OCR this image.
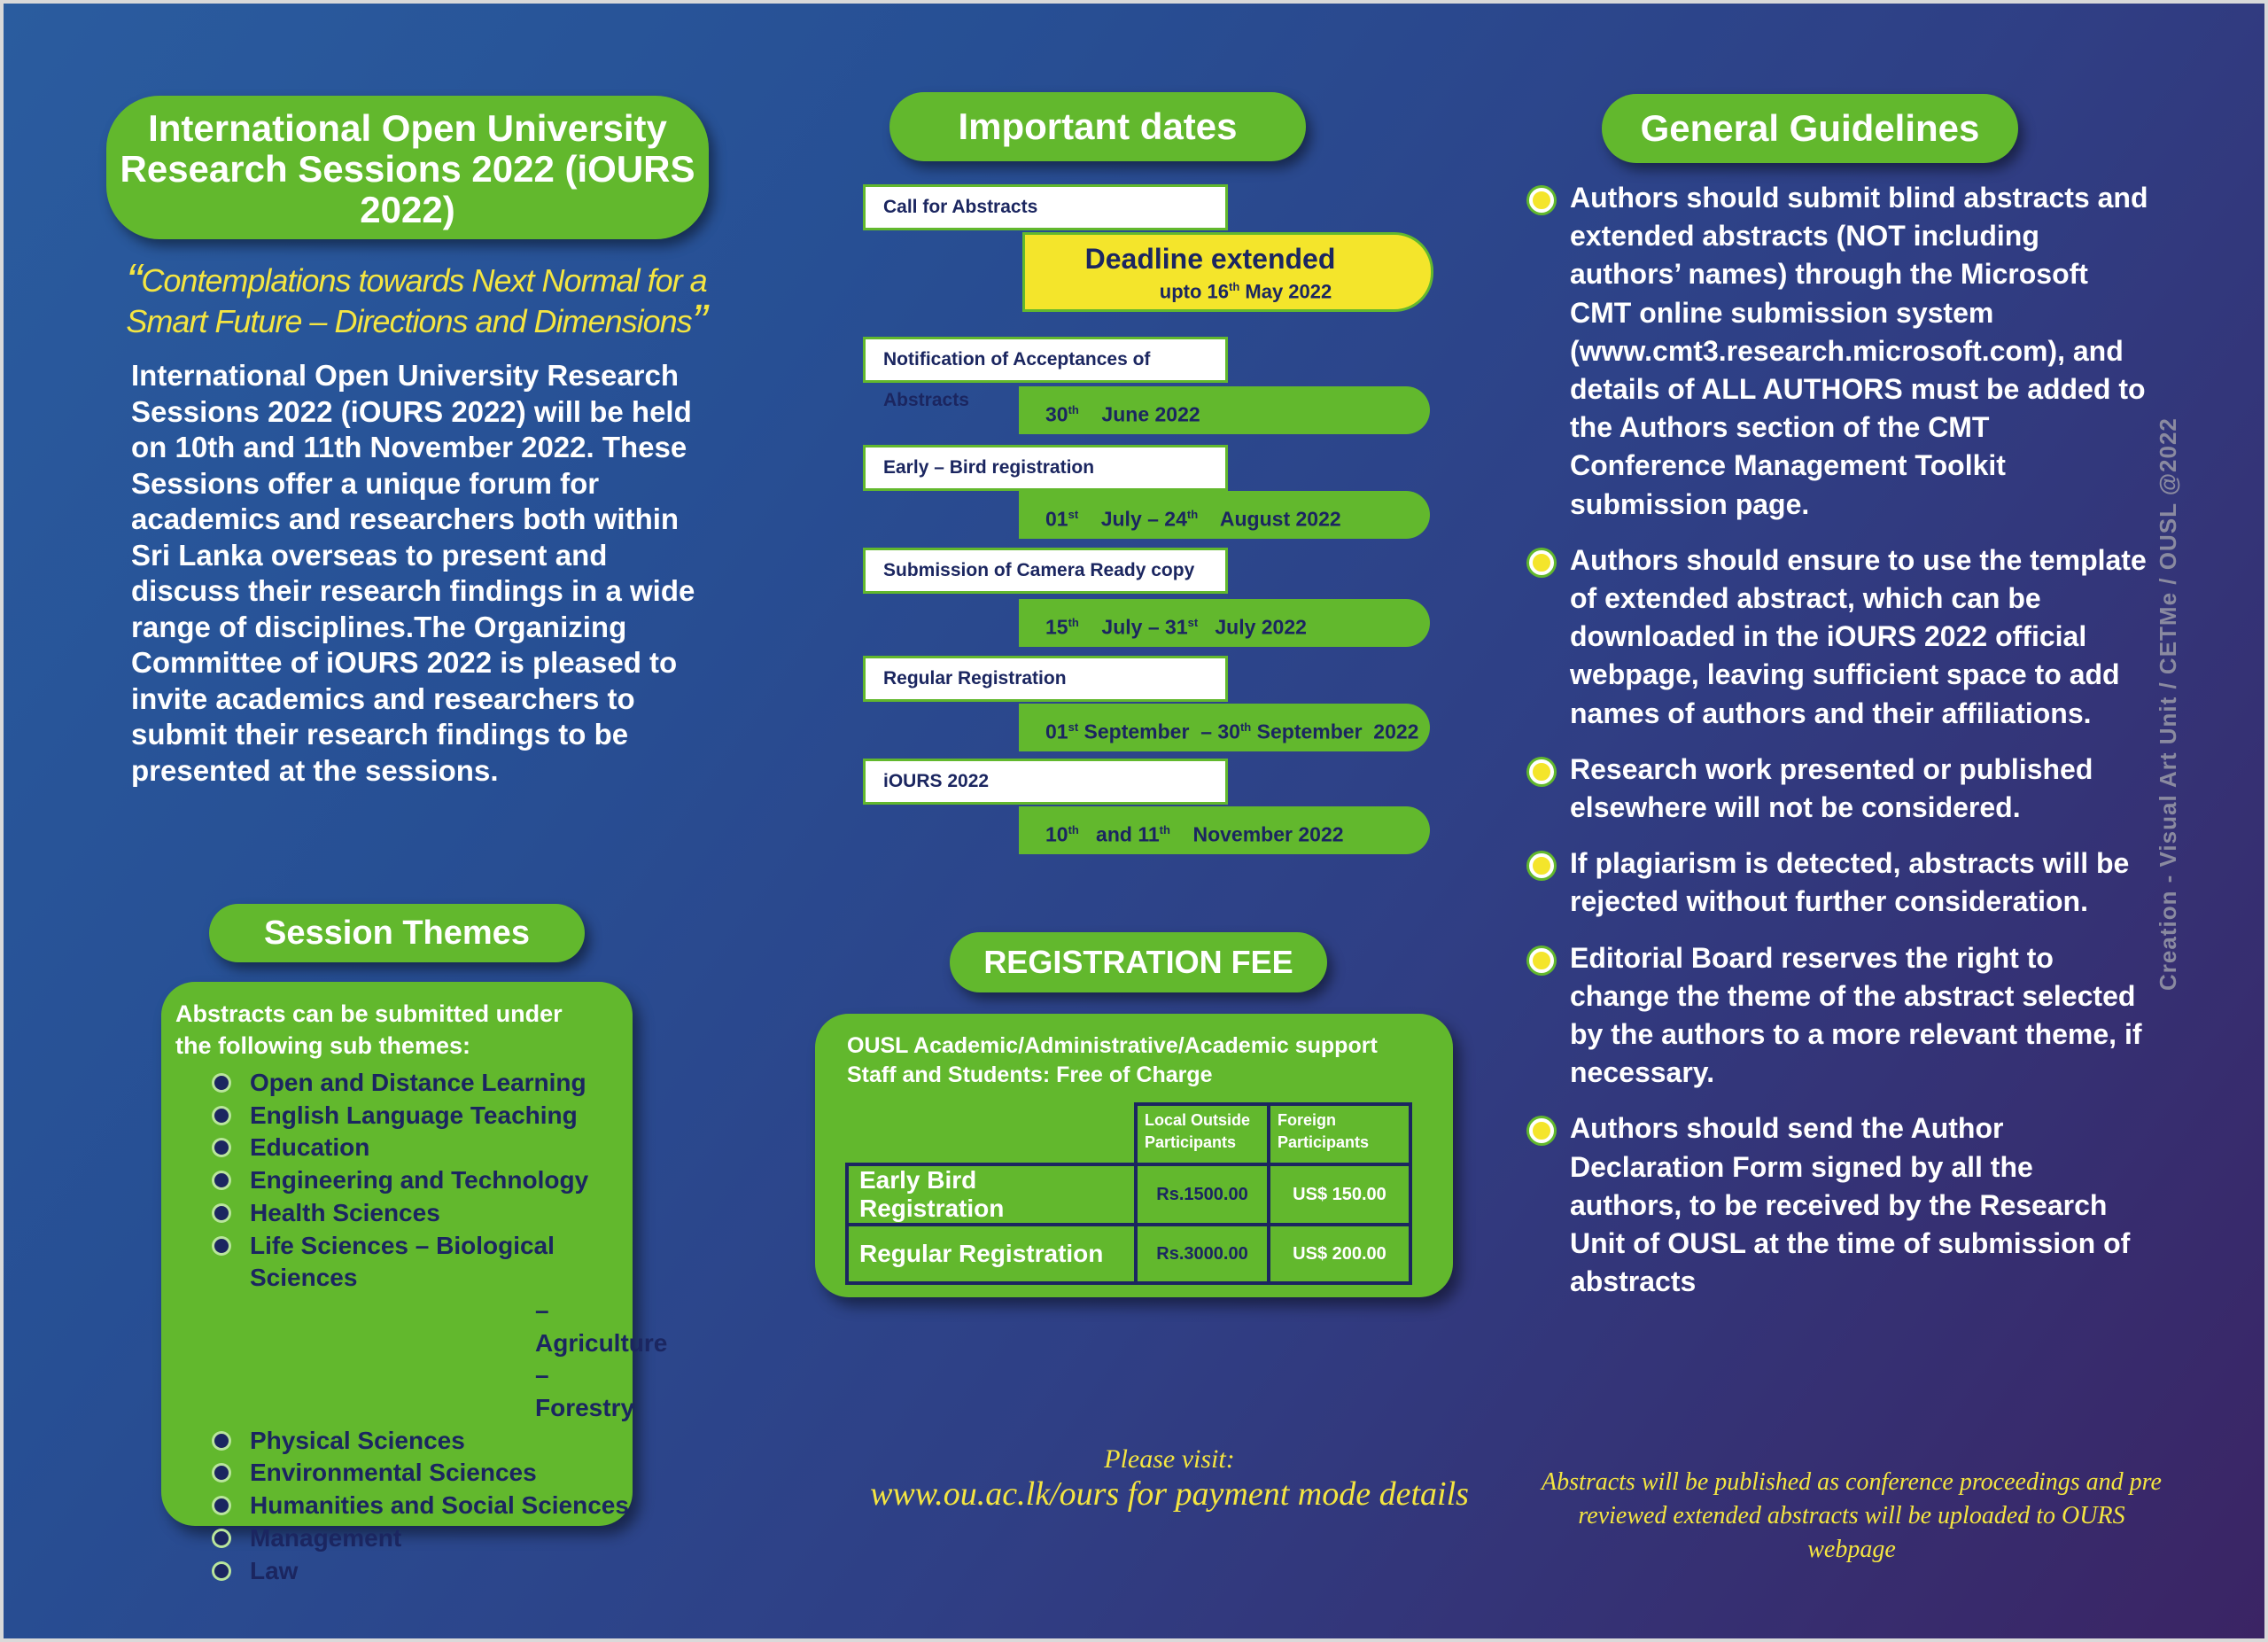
International Open University Research Sessions 2022 (iOURS 2022)
“Contemplations towards Next Normal for a Smart Future – Directions and Dimensions”
International Open University Research Sessions 2022 (iOURS 2022) will be held on 10th and 11th November 2022. These Sessions offer a unique forum for academics and researchers both within Sri Lanka overseas to present and discuss their research findings in a wide range of disciplines.The Organizing Committee of iOURS 2022 is pleased to invite academics and researchers to submit their research findings to be presented at the sessions.
Session Themes
Abstracts can be submitted under the following sub themes:
Open and Distance Learning
English Language Teaching
Education
Engineering and Technology
Health Sciences
Life Sciences – Biological Sciences
– Agriculture
– Forestry
Physical Sciences
Environmental Sciences
Humanities and Social Sciences
Management
Law
Important dates
Call for Abstracts
Deadline extended
upto 16th May 2022
Notification of Acceptances of Abstracts
30th    June 2022
Early – Bird registration
01st    July – 24th    August 2022
Submission of Camera Ready copy
15th    July – 31st   July 2022
Regular Registration
01st September  – 30th September  2022
iOURS 2022
10th   and 11th    November 2022
REGISTRATION FEE
OUSL Academic/Administrative/Academic support Staff and Students: Free of Charge
	Local Outside Participants	Foreign Participants
Early Bird Registration	Rs.1500.00	US$ 150.00
Regular Registration	Rs.3000.00	US$ 200.00
Please visit:
www.ou.ac.lk/ours for payment mode details
General Guidelines
Authors should submit blind abstracts and extended abstracts (NOT including authors’ names) through the Microsoft CMT online submission system (www.cmt3.research.microsoft.com), and details of ALL AUTHORS must be added to the Authors section of the CMT Conference Management Toolkit submission page.
Authors should ensure to use the template of extended abstract, which can be downloaded in the iOURS 2022 official webpage, leaving sufficient space to add names of authors and their affiliations.
Research work presented or published elsewhere will not be considered.
If plagiarism is detected, abstracts will be rejected without further consideration.
Editorial Board reserves the right to change the theme of the abstract selected by the authors to a more relevant theme, if necessary.
Authors should send the Author Declaration Form signed by all the authors, to be received by the Research Unit of OUSL at the time of submission of abstracts
Creation - Visual Art Unit / CETMe / OUSL @2022
Abstracts will be published as conference proceedings and pre reviewed extended abstracts will be uploaded to OURS webpage
